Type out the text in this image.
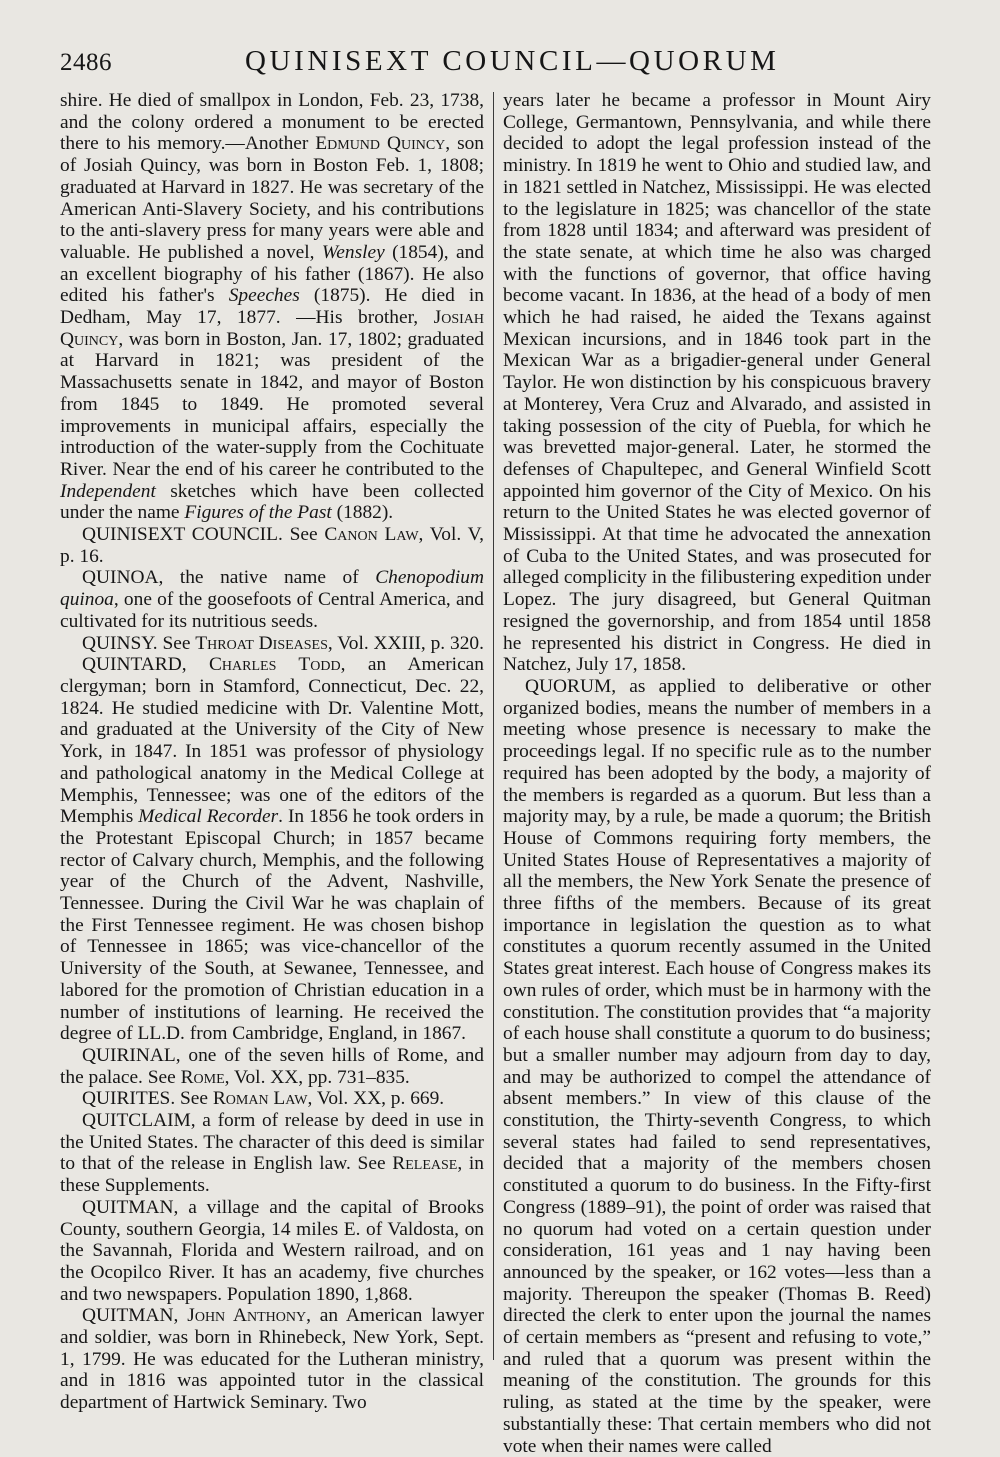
2486	QUINISEXT COUNCIL—QUORUM

shire. He died of smallpox in London, Feb. 23, 1738, and the colony ordered a monument to be erected there to his memory.—Another Edmund Quincy, son of Josiah Quincy, was born in Boston Feb. 1, 1808; graduated at Harvard in 1827. He was secretary of the American Anti-Slavery Society, and his contributions to the anti-slavery press for many years were able and valuable. He published a novel, Wensley (1854), and an excellent biography of his father (1867). He also edited his father's Speeches (1875). He died in Dedham, May 17, 1877. —His brother, Josiah Quincy, was born in Boston, Jan. 17, 1802; graduated at Harvard in 1821; was president of the Massachusetts senate in 1842, and mayor of Boston from 1845 to 1849. He promoted several improvements in municipal affairs, especially the introduction of the water-supply from the Cochituate River. Near the end of his career he contributed to the Independent sketches which have been collected under the name Figures of the Past (1882).

QUINISEXT COUNCIL. See Canon Law, Vol. V, p. 16.

QUINOA, the native name of Chenopodium quinoa, one of the goosefoots of Central America, and cultivated for its nutritious seeds.

QUINSY. See Throat Diseases, Vol. XXIII, p. 320.

QUINTARD, Charles Todd, an American clergyman; born in Stamford, Connecticut, Dec. 22, 1824. He studied medicine with Dr. Valentine Mott, and graduated at the University of the City of New York, in 1847. In 1851 was professor of physiology and pathological anatomy in the Medical College at Memphis, Tennessee; was one of the editors of the Memphis Medical Recorder. In 1856 he took orders in the Protestant Episcopal Church; in 1857 became rector of Calvary church, Memphis, and the following year of the Church of the Advent, Nashville, Tennessee. During the Civil War he was chaplain of the First Tennessee regiment. He was chosen bishop of Tennessee in 1865; was vice-chancellor of the University of the South, at Sewanee, Tennessee, and labored for the promotion of Christian education in a number of institutions of learning. He received the degree of LL.D. from Cambridge, England, in 1867.

QUIRINAL, one of the seven hills of Rome, and the palace. See Rome, Vol. XX, pp. 731–835.

QUIRITES. See Roman Law, Vol. XX, p. 669.

QUITCLAIM, a form of release by deed in use in the United States. The character of this deed is similar to that of the release in English law. See Release, in these Supplements.

QUITMAN, a village and the capital of Brooks County, southern Georgia, 14 miles E. of Valdosta, on the Savannah, Florida and Western railroad, and on the Ocopilco River. It has an academy, five churches and two newspapers. Population 1890, 1,868.

QUITMAN, John Anthony, an American lawyer and soldier, was born in Rhinebeck, New York, Sept. 1, 1799. He was educated for the Lutheran ministry, and in 1816 was appointed tutor in the classical department of Hartwick Seminary. Two

years later he became a professor in Mount Airy College, Germantown, Pennsylvania, and while there decided to adopt the legal profession instead of the ministry. In 1819 he went to Ohio and studied law, and in 1821 settled in Natchez, Mississippi. He was elected to the legislature in 1825; was chancellor of the state from 1828 until 1834; and afterward was president of the state senate, at which time he also was charged with the functions of governor, that office having become vacant. In 1836, at the head of a body of men which he had raised, he aided the Texans against Mexican incursions, and in 1846 took part in the Mexican War as a brigadier-general under General Taylor. He won distinction by his conspicuous bravery at Monterey, Vera Cruz and Alvarado, and assisted in taking possession of the city of Puebla, for which he was brevetted major-general. Later, he stormed the defenses of Chapultepec, and General Winfield Scott appointed him governor of the City of Mexico. On his return to the United States he was elected governor of Mississippi. At that time he advocated the annexation of Cuba to the United States, and was prosecuted for alleged complicity in the filibustering expedition under Lopez. The jury disagreed, but General Quitman resigned the governorship, and from 1854 until 1858 he represented his district in Congress. He died in Natchez, July 17, 1858.

QUORUM, as applied to deliberative or other organized bodies, means the number of members in a meeting whose presence is necessary to make the proceedings legal. If no specific rule as to the number required has been adopted by the body, a majority of the members is regarded as a quorum. But less than a majority may, by a rule, be made a quorum; the British House of Commons requiring forty members, the United States House of Representatives a majority of all the members, the New York Senate the presence of three fifths of the members. Because of its great importance in legislation the question as to what constitutes a quorum recently assumed in the United States great interest. Each house of Congress makes its own rules of order, which must be in harmony with the constitution. The constitution provides that “a majority of each house shall constitute a quorum to do business; but a smaller number may adjourn from day to day, and may be authorized to compel the attendance of absent members.” In view of this clause of the constitution, the Thirty-seventh Congress, to which several states had failed to send representatives, decided that a majority of the members chosen constituted a quorum to do business. In the Fifty-first Congress (1889–91), the point of order was raised that no quorum had voted on a certain question under consideration, 161 yeas and 1 nay having been announced by the speaker, or 162 votes—less than a majority. Thereupon the speaker (Thomas B. Reed) directed the clerk to enter upon the journal the names of certain members as “present and refusing to vote,” and ruled that a quorum was present within the meaning of the constitution. The grounds for this ruling, as stated at the time by the speaker, were substantially these: That certain members who did not vote when their names were called
